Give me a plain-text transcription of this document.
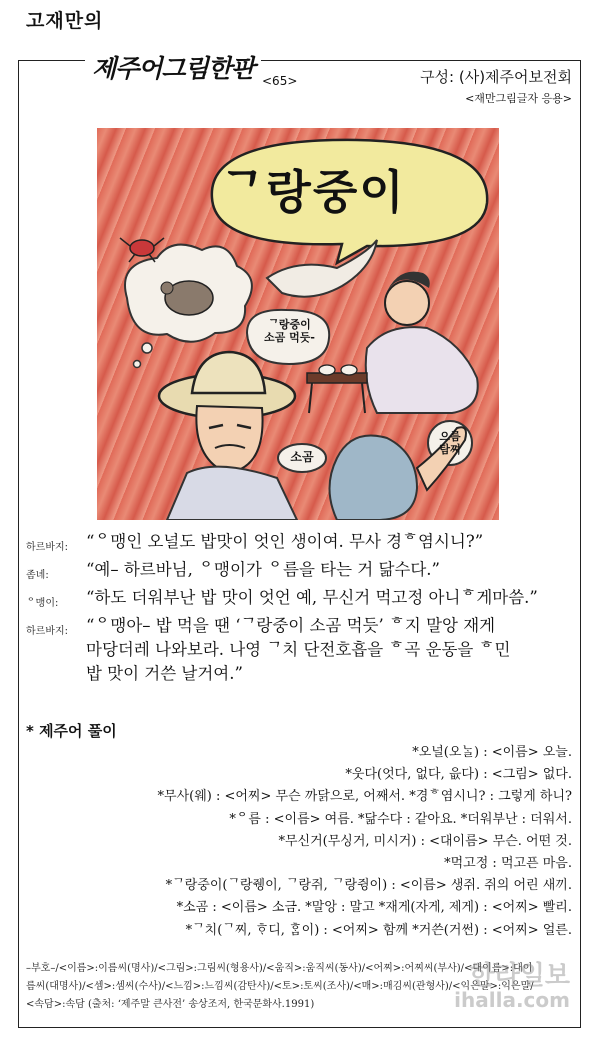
고재만의
제주어그림한판 <65>	구성: (사)제주어보전회
<재만그림글자 응용>
ᄀ랑중이
ᄀ랑중이
소곰 먹듯-
으름
탐쪄
소곰
하르바지:	“ᄋ맹인 오널도 밥맛이 엇인 생이여. 무사 경ᄒ염시니?”
좀녜:	“예– 하르바님, ᄋ맹이가 ᄋ름을 타는 거 닮수다.”
ᄋ맹이:	“하도 더워부난 밥 맛이 엇언 예, 무신거 먹고정 아니ᄒ게마씀.”
하르바지:	“ᄋ맹아– 밥 먹을 땐 ‘ᄀ랑중이 소곰 먹듯’ ᄒ지 말앙 재게
마당더레 나와보라. 나영 ᄀ치 단전호흡을 ᄒ곡 운동을 ᄒ민
밥 맛이 거쓴 날거여.”
* 제주어 풀이
*오널(오ᄂᆞᆯ) : <이름> 오늘.
*웃다(엇다, 없다, 읎다) : <그림> 없다.
*무사(웨) : <어찌> 무슨 까닭으로, 어째서. *경ᄒ염시니? : 그렇게 하니?
*ᄋ름 : <이름> 여름. *닮수다 : 같아요. *더워부난 : 더워서.
*무신거(무싱거, 미시거) : <대이름> 무슨. 어떤 것.
*먹고정 : 먹고픈 마음.
*ᄀ랑중이(ᄀ랑쥉이, ᄀ랑쥐, ᄀ랑쥥이) : <이름> 생쥐. 쥐의 어린 새끼.
*소곰 : <이름> 소금. *말앙 : 말고 *재게(자게, 제게) : <어찌> 빨리.
*ᄀ치(ᄀ찌, ᄒᆞ디, ᄒᆞᆷ이) : <어찌> 함께 *거쓴(거썬) : <어찌> 얼른.
–부호–/<이름>:이름씨(명사)/<그림>:그림씨(형용사)/<움직>:움직씨(동사)/<어찌>:어찌씨(부사)/<대이름>:대이
름씨(대명사)/<셈>:셈씨(수사)/<느낌>:느낌씨(감탄사)/<토>:토씨(조사)/<매>:매김씨(관형사)/<익은말>:익은말/
<속담>:속담 (출처: ‘제주말 큰사전’ 송상조저, 한국문화사.1991)
한라일보
ihalla.com
